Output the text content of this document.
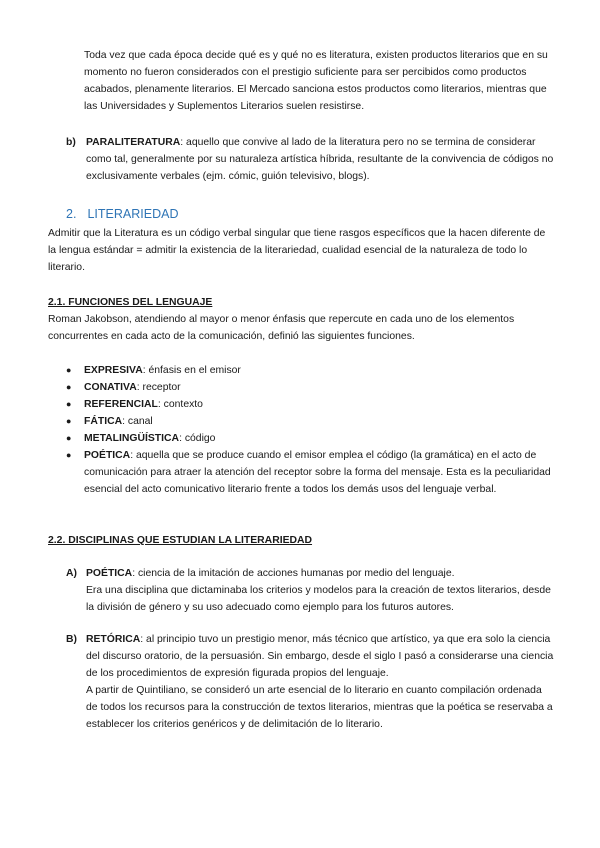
Toda vez que cada época decide qué es y qué no es literatura, existen productos literarios que en su momento no fueron considerados con el prestigio suficiente para ser percibidos como productos acabados, plenamente literarios. El Mercado sanciona estos productos como literarios, mientras que las Universidades y Suplementos Literarios suelen resistirse.

b) PARALITERATURA: aquello que convive al lado de la literatura pero no se termina de considerar como tal, generalmente por su naturaleza artística híbrida, resultante de la convivencia de códigos no exclusivamente verbales (ejm. cómic, guión televisivo, blogs).
2. LITERARIEDAD

Admitir que la Literatura es un código verbal singular que tiene rasgos específicos que la hacen diferente de la lengua estándar = admitir la existencia de la literariedad, cualidad esencial de la naturaleza de todo lo literario.

2.1. FUNCIONES DEL LENGUAJE

Roman Jakobson, atendiendo al mayor o menor énfasis que repercute en cada uno de los elementos concurrentes en cada acto de la comunicación, definió las siguientes funciones.

● EXPRESIVA: énfasis en el emisor
● CONATIVA: receptor
● REFERENCIAL: contexto
● FÁTICA: canal
● METALINGÜÍSTICA: código
● POÉTICA: aquella que se produce cuando el emisor emplea el código (la gramática) en el acto de comunicación para atraer la atención del receptor sobre la forma del mensaje. Esta es la peculiaridad esencial del acto comunicativo literario frente a todos los demás usos del lenguaje verbal.
2.2. DISCIPLINAS QUE ESTUDIAN LA LITERARIEDAD
A) POÉTICA: ciencia de la imitación de acciones humanas por medio del lenguaje.

Era una disciplina que dictaminaba los criterios y modelos para la creación de textos literarios, desde la división de género y su uso adecuado como ejemplo para los futuros autores.

B) RETÓRICA: al principio tuvo un prestigio menor, más técnico que artístico, ya que era solo la ciencia del discurso oratorio, de la persuasión. Sin embargo, desde el siglo I pasó a considerarse una ciencia de los procedimientos de expresión figurada propios del lenguaje.

A partir de Quintiliano, se consideró un arte esencial de lo literario en cuanto compilación ordenada de todos los recursos para la construcción de textos literarios, mientras que la poética se reservaba a establecer los criterios genéricos y de delimitación de lo literario.
